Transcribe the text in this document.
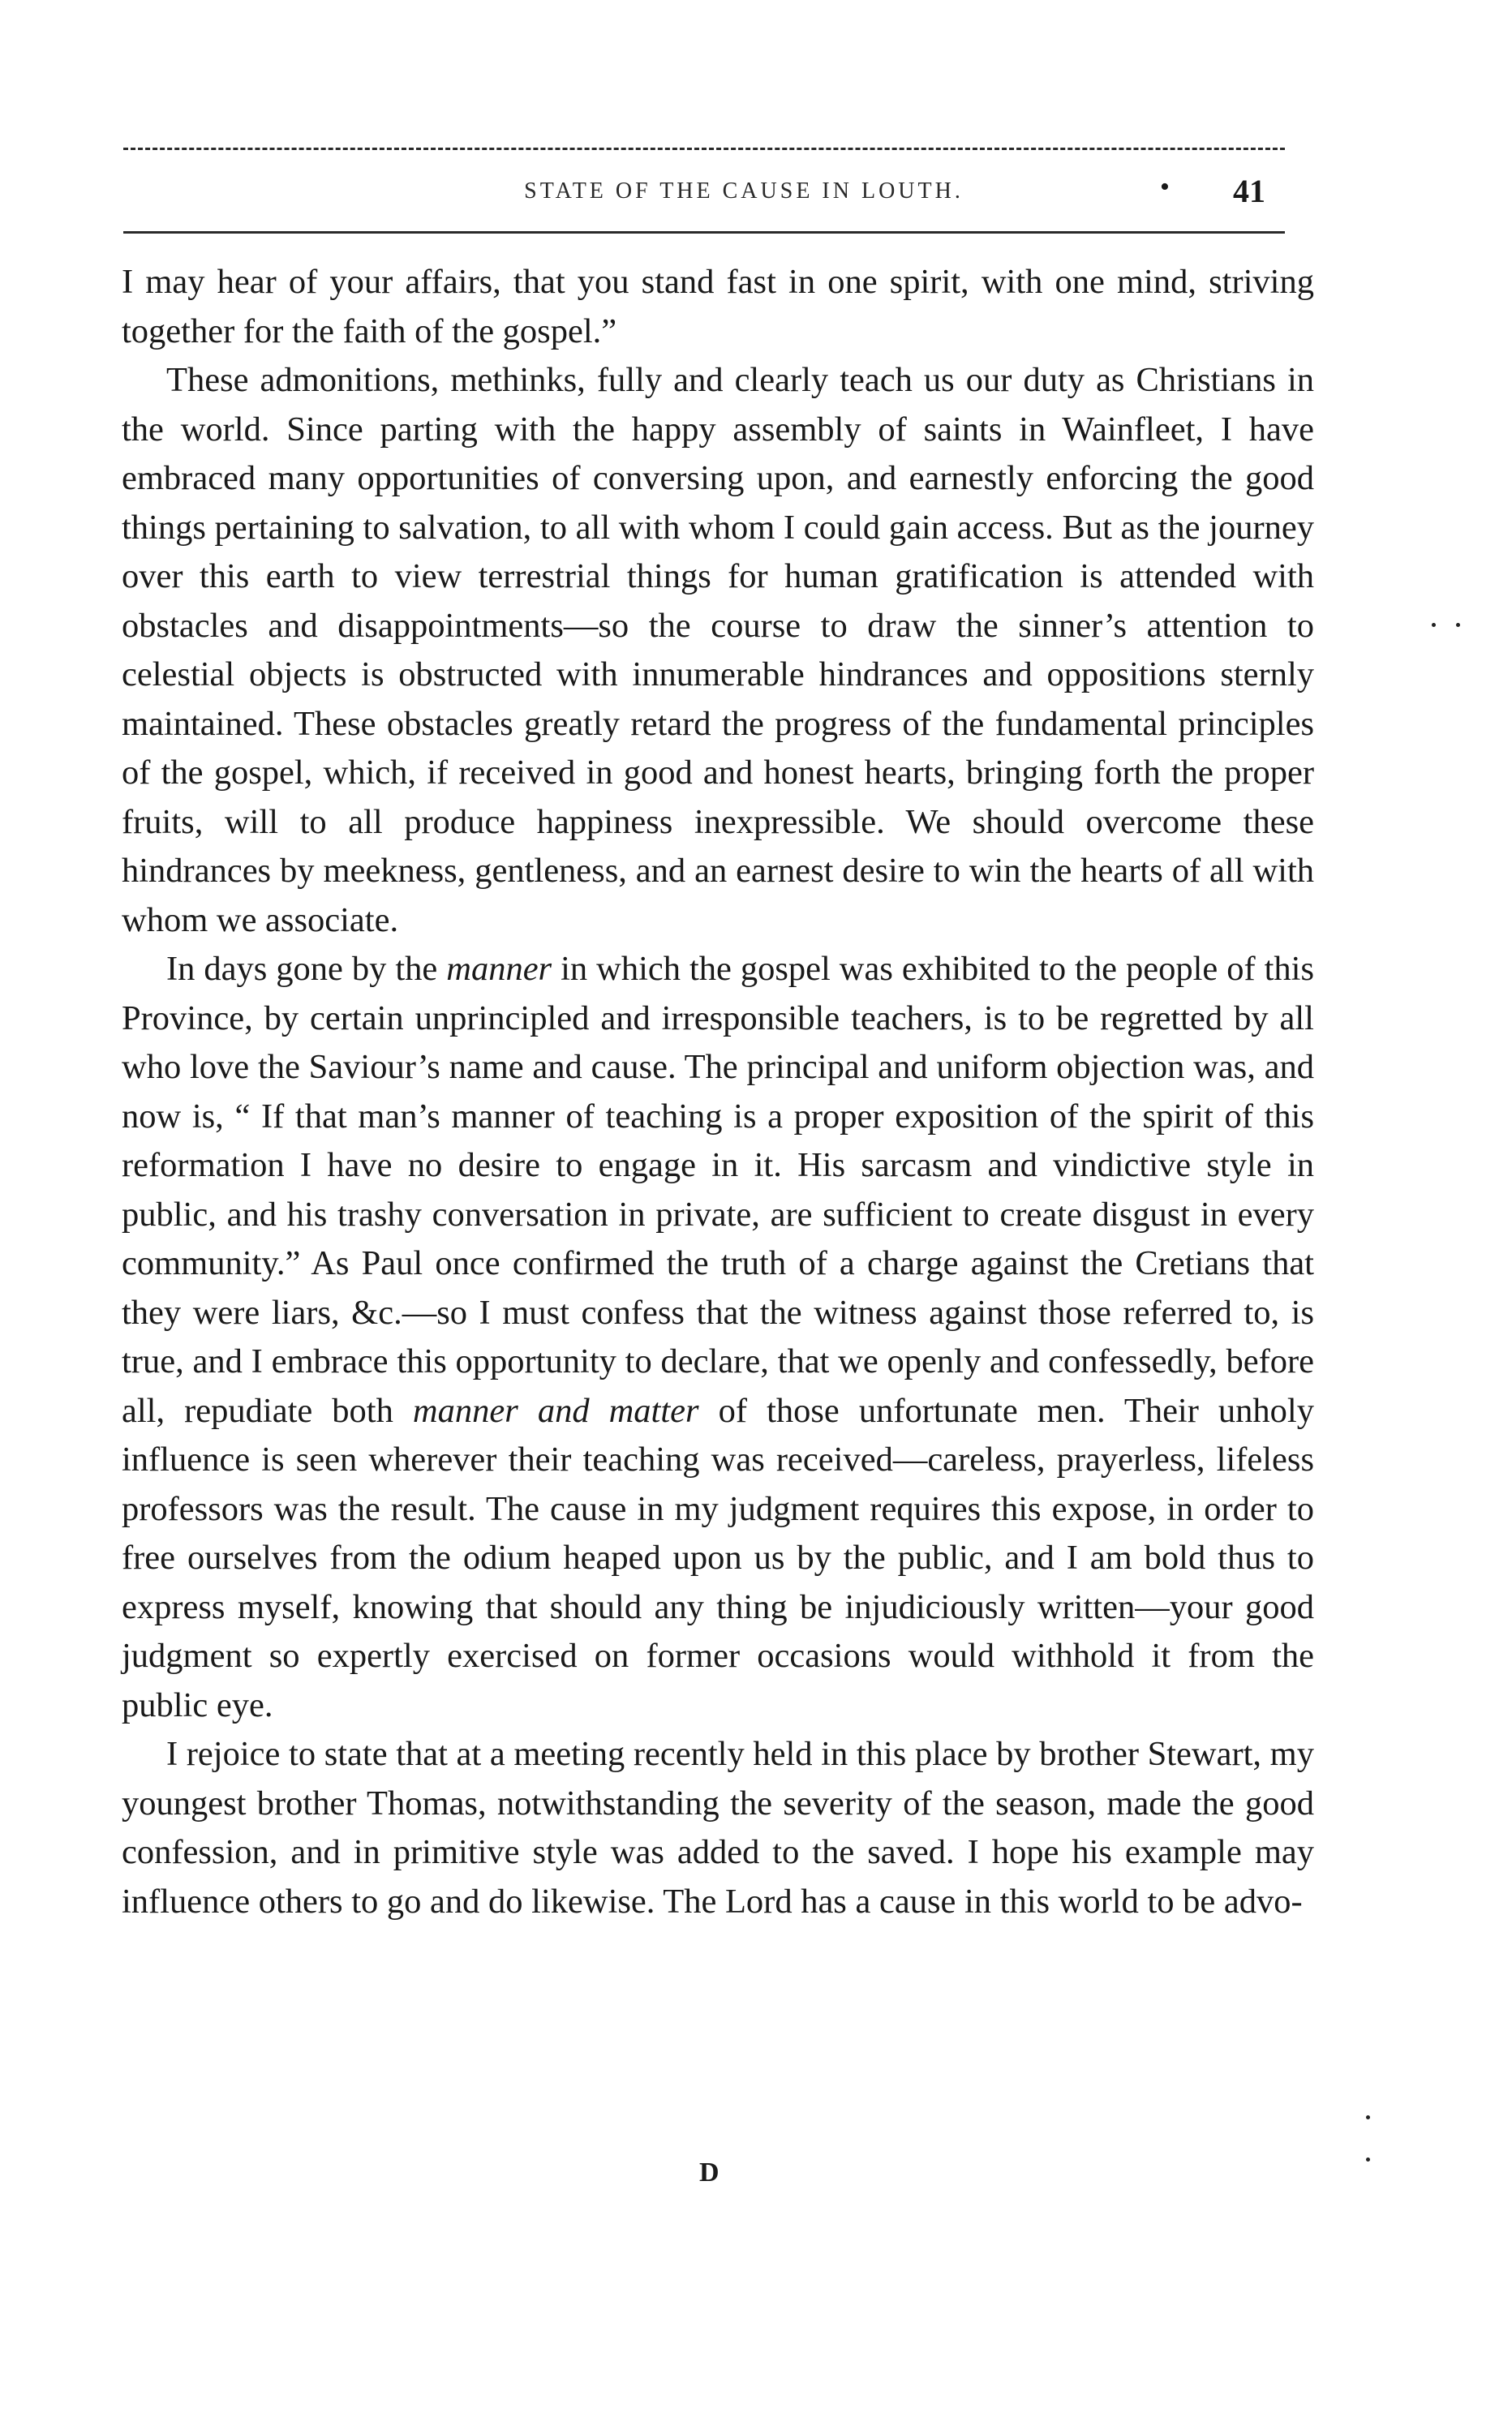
STATE OF THE CAUSE IN LOUTH.	• 41

I may hear of your affairs, that you stand fast in one spirit, with one mind, striving together for the faith of the gospel.”

These admonitions, methinks, fully and clearly teach us our duty as Christians in the world. Since parting with the happy assembly of saints in Wainfleet, I have embraced many opportunities of conversing upon, and earnestly enforcing the good things pertaining to salvation, to all with whom I could gain access. But as the journey over this earth to view terrestrial things for human gratification is attended with obstacles and disappointments—so the course to draw the sinner’s attention to celestial objects is obstructed with innumerable hindrances and oppositions sternly maintained. These obstacles greatly retard the progress of the fundamental principles of the gospel, which, if received in good and honest hearts, bringing forth the proper fruits, will to all produce happiness inexpressible. We should overcome these hindrances by meekness, gentleness, and an earnest desire to win the hearts of all with whom we associate.

In days gone by the manner in which the gospel was exhibited to the people of this Province, by certain unprincipled and irresponsible teachers, is to be regretted by all who love the Saviour’s name and cause. The principal and uniform objection was, and now is, “ If that man’s manner of teaching is a proper exposition of the spirit of this reformation I have no desire to engage in it. His sarcasm and vindictive style in public, and his trashy conversation in private, are sufficient to create disgust in every community.” As Paul once confirmed the truth of a charge against the Cretians that they were liars, &c.—so I must confess that the witness against those referred to, is true, and I embrace this opportunity to declare, that we openly and confessedly, before all, repudiate both manner and matter of those unfortunate men. Their unholy influence is seen wherever their teaching was received—careless, prayerless, lifeless professors was the result. The cause in my judgment requires this expose, in order to free ourselves from the odium heaped upon us by the public, and I am bold thus to express myself, knowing that should any thing be injudiciously written—your good judgment so expertly exercised on former occasions would withhold it from the public eye.

I rejoice to state that at a meeting recently held in this place by brother Stewart, my youngest brother Thomas, notwithstanding the severity of the season, made the good confession, and in primitive style was added to the saved. I hope his example may influence others to go and do likewise. The Lord has a cause in this world to be advo-

D
